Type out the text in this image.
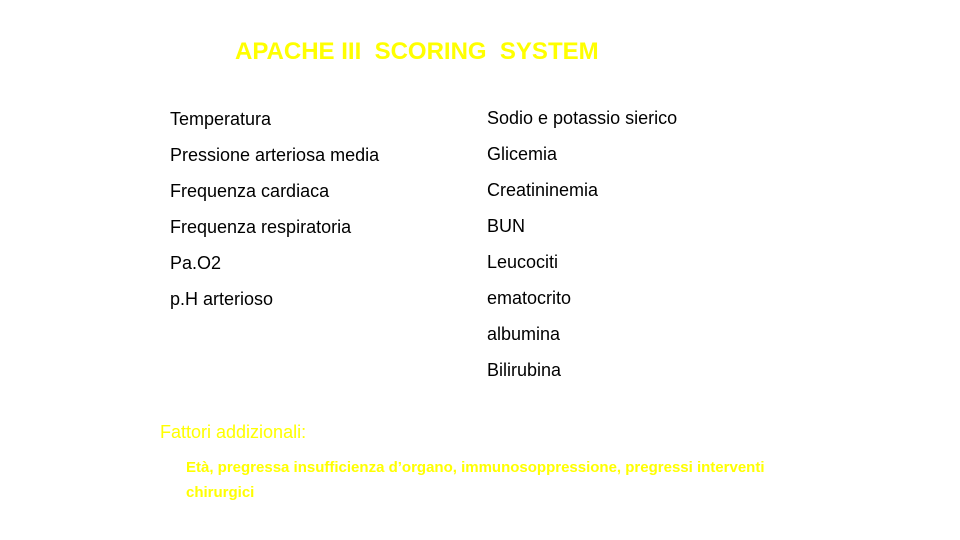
APACHE III  SCORING  SYSTEM
Temperatura
Pressione arteriosa media
Frequenza cardiaca
Frequenza respiratoria
Pa.O2
p.H arterioso
Sodio e potassio sierico
Glicemia
Creatininemia
BUN
Leucociti
ematocrito
albumina
Bilirubina
Fattori addizionali:
Età, pregressa insufficienza d’organo, immunosoppressione, pregressi interventi chirurgici
